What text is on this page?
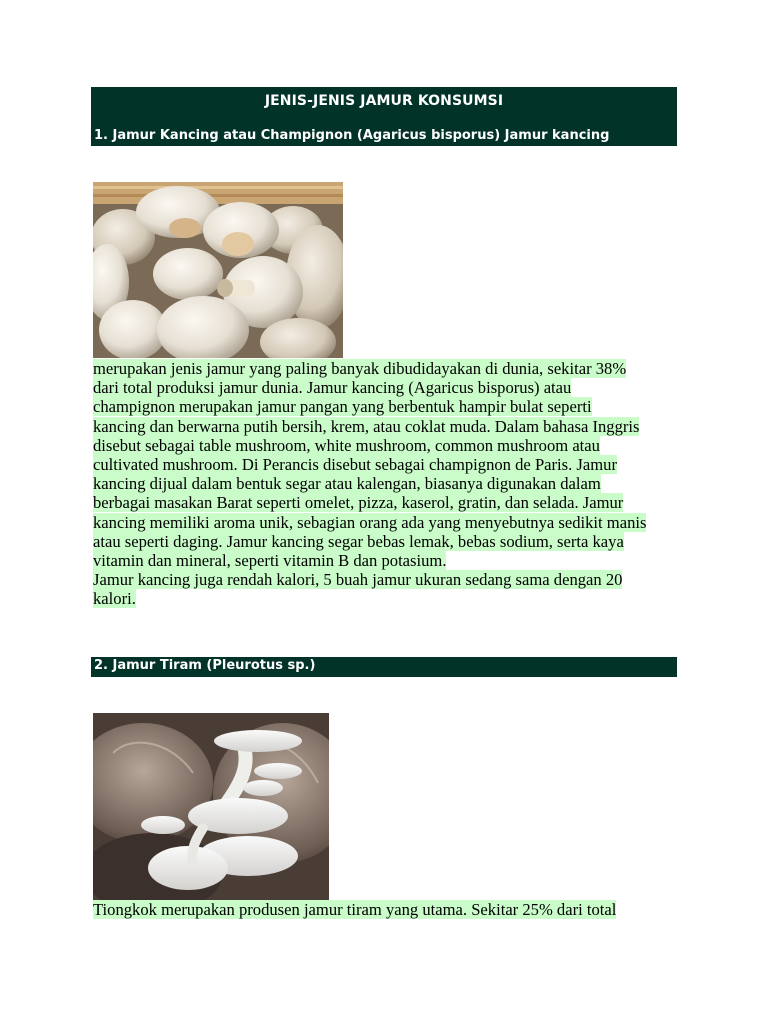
JENIS-JENIS JAMUR KONSUMSI
1. Jamur Kancing atau Champignon (Agaricus bisporus) Jamur kancing

merupakan jenis jamur yang paling banyak dibudidayakan di dunia, sekitar 38%
dari total produksi jamur dunia. Jamur kancing (Agaricus bisporus) atau
champignon merupakan jamur pangan yang berbentuk hampir bulat seperti
kancing dan berwarna putih bersih, krem, atau coklat muda. Dalam bahasa Inggris
disebut sebagai table mushroom, white mushroom, common mushroom atau
cultivated mushroom. Di Perancis disebut sebagai champignon de Paris. Jamur
kancing dijual dalam bentuk segar atau kalengan, biasanya digunakan dalam
berbagai masakan Barat seperti omelet, pizza, kaserol, gratin, dan selada. Jamur
kancing memiliki aroma unik, sebagian orang ada yang menyebutnya sedikit manis
atau seperti daging. Jamur kancing segar bebas lemak, bebas sodium, serta kaya
vitamin dan mineral, seperti vitamin B dan potasium.
Jamur kancing juga rendah kalori, 5 buah jamur ukuran sedang sama dengan 20
kalori.

2. Jamur Tiram (Pleurotus sp.)

Tiongkok merupakan produsen jamur tiram yang utama. Sekitar 25% dari total
